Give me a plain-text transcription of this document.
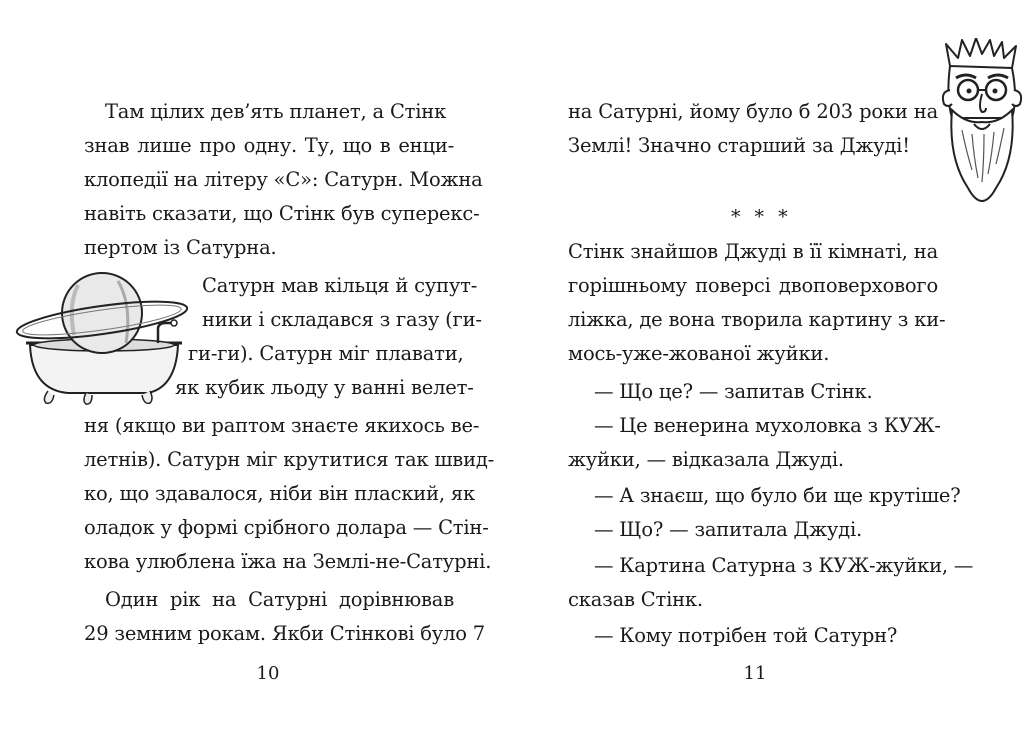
Там цілих дев’ять планет, а Стінк
знав лише про одну. Ту, що в енци-
клопедії на літеру «С»: Сатурн. Можна
навіть сказати, що Стінк був суперекс-
пертом із Сатурна.
Сатурн мав кільця й супут-
ники і складався з газу (ги-
ги-ги). Сатурн міг плавати,
як кубик льоду у ванні велет-
ня (якщо ви раптом знаєте якихось ве-
летнів). Сатурн міг крутитися так швид-
ко, що здавалося, ніби він плаский, як
оладок у формі срібного долара — Стін-
кова улюблена їжа на Землі-не-Сатурні.
Один рік на Сатурні дорівнював
29 земним рокам. Якби Стінкові було 7
10
на Сатурні, йому було б 203 роки на
Землі! Значно старший за Джуді!
* * *
Стінк знайшов Джуді в її кімнаті, на
горішньому поверсі двоповерхового
ліжка, де вона творила картину з ки-
мось-уже-жованої жуйки.
— Що це? — запитав Стінк.
— Це венерина мухоловка з КУЖ-
жуйки, — відказала Джуді.
— А знаєш, що було би ще крутіше?
— Що? — запитала Джуді.
— Картина Сатурна з КУЖ-жуйки, —
сказав Стінк.
— Кому потрібен той Сатурн?
11
